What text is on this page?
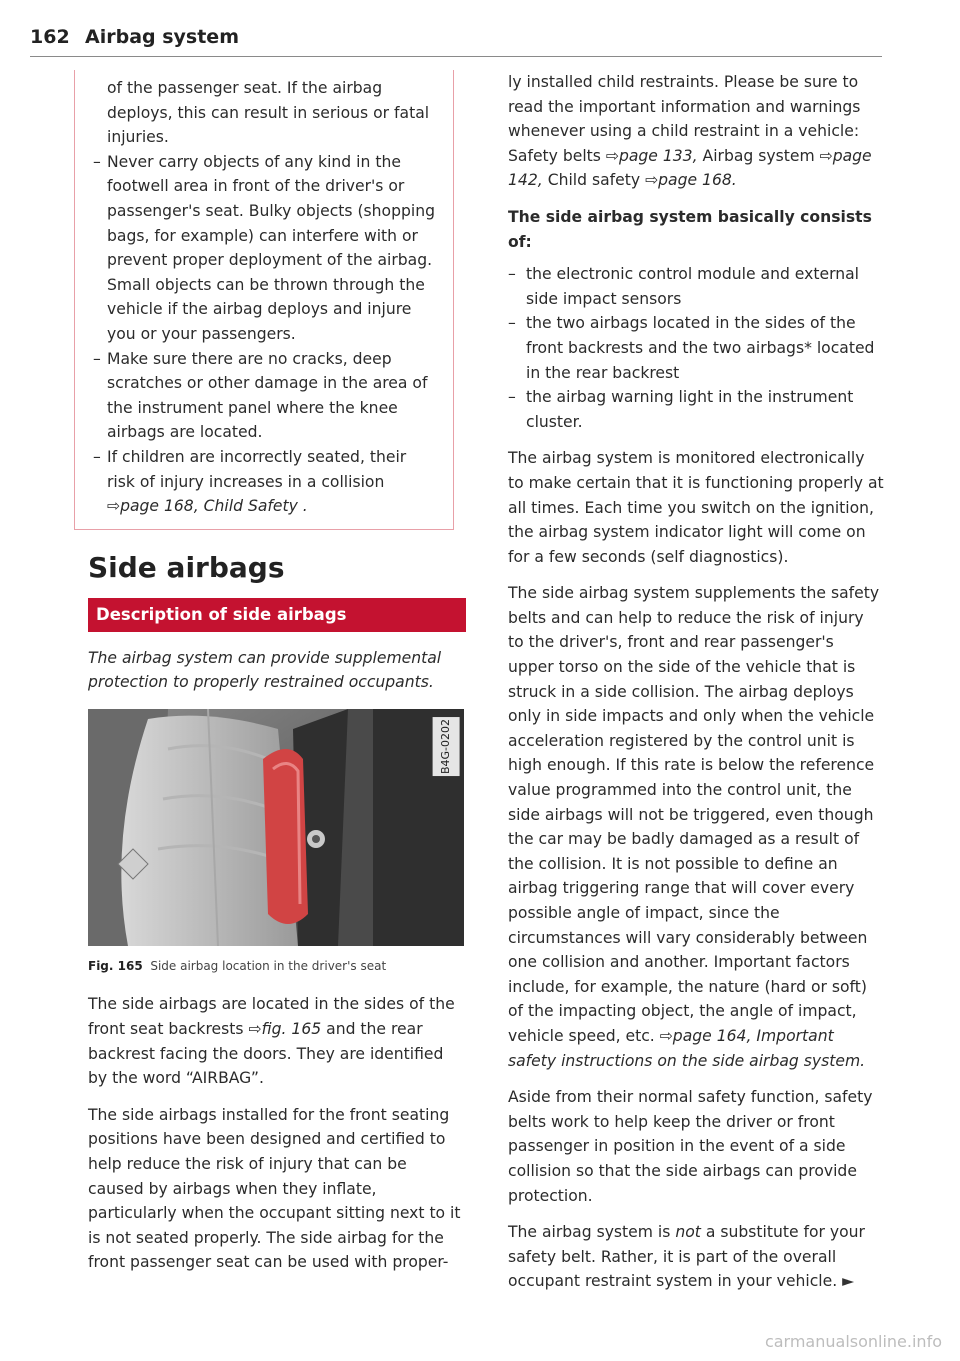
162 Airbag system

of the passenger seat. If the airbag deploys, this can result in serious or fatal injuries.

– Never carry objects of any kind in the footwell area in front of the driver's or passenger's seat. Bulky objects (shopping bags, for example) can interfere with or prevent proper deployment of the airbag. Small objects can be thrown through the vehicle if the airbag deploys and injure you or your passengers.
– Make sure there are no cracks, deep scratches or other damage in the area of the instrument panel where the knee airbags are located.
– If children are incorrectly seated, their risk of injury increases in a collision ⇨page 168, Child Safety .
Side airbags
Description of side airbags

The airbag system can provide supplemental protection to properly restrained occupants.

B4G-0202
Fig. 165 Side airbag location in the driver's seat

The side airbags are located in the sides of the front seat backrests ⇨fig. 165 and the rear backrest facing the doors. They are identified by the word “AIRBAG”.

The side airbags installed for the front seating positions have been designed and certified to help reduce the risk of injury that can be caused by airbags when they inflate, particularly when the occupant sitting next to it is not seated properly. The side airbag for the front passenger seat can be used with proper-

ly installed child restraints. Please be sure to read the important information and warnings whenever using a child restraint in a vehicle: Safety belts ⇨page 133, Airbag system ⇨page 142, Child safety ⇨page 168.

The side airbag system basically consists of:
– the electronic control module and external side impact sensors
– the two airbags located in the sides of the front backrests and the two airbags* located in the rear backrest
– the airbag warning light in the instrument cluster.

The airbag system is monitored electronically to make certain that it is functioning properly at all times. Each time you switch on the ignition, the airbag system indicator light will come on for a few seconds (self diagnostics).

The side airbag system supplements the safety belts and can help to reduce the risk of injury to the driver's, front and rear passenger's upper torso on the side of the vehicle that is struck in a side collision. The airbag deploys only in side impacts and only when the vehicle acceleration registered by the control unit is high enough. If this rate is below the reference value programmed into the control unit, the side airbags will not be triggered, even though the car may be badly damaged as a result of the collision. It is not possible to define an airbag triggering range that will cover every possible angle of impact, since the circumstances will vary considerably between one collision and another. Important factors include, for example, the nature (hard or soft) of the impacting object, the angle of impact, vehicle speed, etc. ⇨page 164, Important safety instructions on the side airbag system.

Aside from their normal safety function, safety belts work to help keep the driver or front passenger in position in the event of a side collision so that the side airbags can provide protection.

The airbag system is not a substitute for your safety belt. Rather, it is part of the overall occupant restraint system in your vehicle. ►

carmanualsonline.info
